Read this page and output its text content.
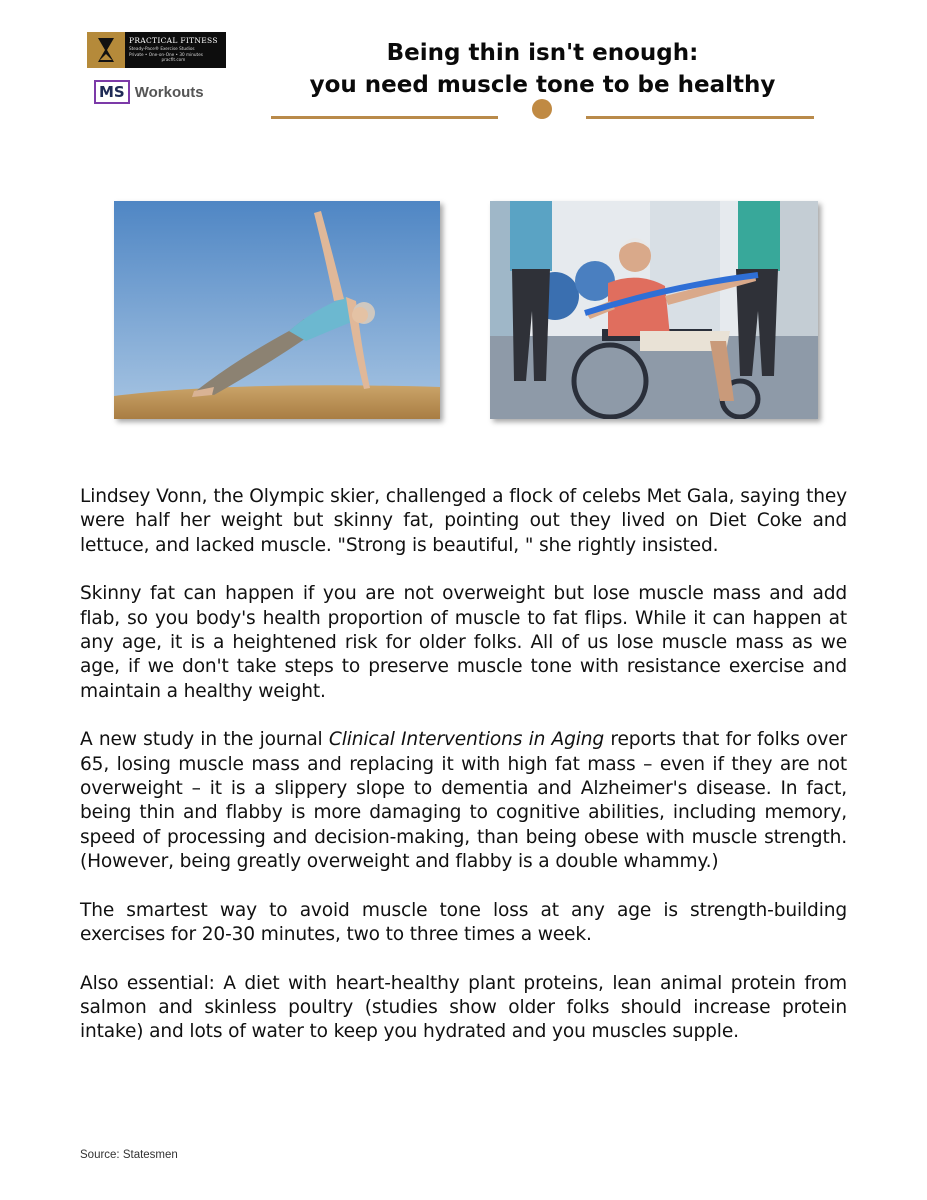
PRACTICAL FITNESS
Steady-Pace® Exercise Studios
Private • One-on-One • 30 minutes
pracfit.com
MS Workouts
Being thin isn't enough:
you need muscle tone to be healthy

Lindsey Vonn, the Olympic skier, challenged a flock of celebs Met Gala, saying they were half her weight but skinny fat, pointing out they lived on Diet Coke and lettuce, and lacked muscle. "Strong is beautiful, " she rightly insisted.

Skinny fat can happen if you are not overweight but lose muscle mass and add flab, so you body's health proportion of muscle to fat flips. While it can happen at any age, it is a heightened risk for older folks. All of us lose muscle mass as we age, if we don't take steps to preserve muscle tone with resistance exercise and maintain a healthy weight.

A new study in the journal Clinical Interventions in Aging reports that for folks over 65, losing muscle mass and replacing it with high fat mass – even if they are not overweight – it is a slippery slope to dementia and Alzheimer's disease. In fact, being thin and flabby is more damaging to cognitive abilities, including memory, speed of processing and decision-making, than being obese with muscle strength. (However, being greatly overweight and flabby is a double whammy.)

The smartest way to avoid muscle tone loss at any age is strength-building exercises for 20-30 minutes, two to three times a week.

Also essential: A diet with heart-healthy plant proteins, lean animal protein from salmon and skinless poultry (studies show older folks should increase protein intake) and lots of water to keep you hydrated and you muscles supple.

Source: Statesmen
